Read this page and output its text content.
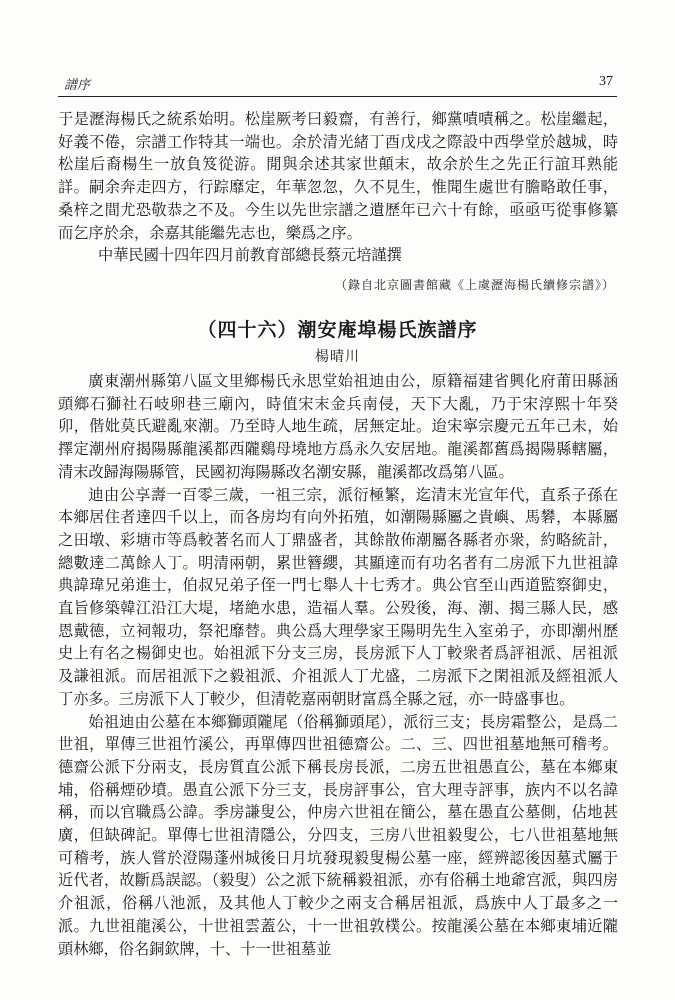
譜序	37

于是瀝海楊氏之統系始明。松崖厥考曰毅齋，有善行，鄉黨嘖嘖稱之。松崖繼起，好義不倦，宗譜工作特其一端也。余於清光緒丁酉戊戌之際設中西學堂於越城，時松崖后裔楊生一放負笈從游。閒與余述其家世顛末，故余於生之先正行誼耳熟能詳。嗣余奔走四方，行踪靡定，年華忽忽，久不見生，惟聞生處世有膽略敢任事，桑梓之間尤恐敬恭之不及。今生以先世宗譜之遺歷年已六十有餘，亟亟丐從事修纂而乞序於余，余嘉其能繼先志也，樂爲之序。

中華民國十四年四月前教育部總長蔡元培謹撰

（錄自北京圖書館藏《上虞瀝海楊氏續修宗譜》）
（四十六）潮安庵埠楊氏族譜序
楊晴川

廣東潮州縣第八區文里鄉楊氏永思堂始祖迪由公，原籍福建省興化府莆田縣涵頭鄉石獅社石岐卵巷三廟內，時值宋末金兵南侵，天下大亂，乃于宋淳熙十年癸卯，偕妣莫氏避亂來潮。乃至時人地生疏，居無定址。迨宋寧宗慶元五年己未，始擇定潮州府揭陽縣龍溪都西隴鷄母墝地方爲永久安居地。龍溪都舊爲揭陽縣轄屬，清末改歸海陽縣管，民國初海陽縣改名潮安縣，龍溪都改爲第八區。

迪由公享壽一百零三歲，一祖三宗，派衍極繁，迄清末光宣年代，直系子孫在本鄉居住者達四千以上，而各房均有向外拓殖，如潮陽縣屬之貴嶼、馬礬，本縣屬之田墩、彩塘市等爲較著名而人丁鼎盛者，其餘散佈潮屬各縣者亦衆，約略統計，總數達二萬餘人丁。明清兩朝，累世簪纓，其顯達而有功名者有二房派下九世祖諱典諱瑋兄弟進士，伯叔兄弟子侄一門七舉人十七秀才。典公官至山西道監察御史，直旨修築韓江沿江大堤，堵絶水患，造福人羣。公殁後，海、潮、揭三縣人民，感恩戴德，立祠報功，祭祀靡替。典公爲大理學家王陽明先生入室弟子，亦即潮州歷史上有名之楊御史也。始祖派下分支三房，長房派下人丁較衆者爲評祖派、居祖派及謙祖派。而居祖派下之毅祖派、介祖派人丁尤盛，二房派下之閑祖派及經祖派人丁亦多。三房派下人丁較少，但清乾嘉兩朝財富爲全縣之冠，亦一時盛事也。

始祖迪由公墓在本鄉獅頭隴尾（俗稱獅頭尾），派衍三支；長房霜整公，是爲二世祖，單傳三世祖竹溪公，再單傳四世祖德齋公。二、三、四世祖墓地無可稽考。德齋公派下分兩支，長房質直公派下稱長房長派，二房五世祖愚直公，墓在本鄉東埔，俗稱煙砂墳。愚直公派下分三支，長房評事公，官大理寺評事，族内不以名諱稱，而以官職爲公諱。季房謙叟公，仲房六世祖在簡公，墓在愚直公墓側，佔地甚廣，但缺碑記。單傳七世祖清隱公，分四支，三房八世祖毅叟公，七八世祖墓地無可稽考，族人嘗於澄陽蓬州城後日月坑發現毅叟楊公墓一座，經辨認後因墓式屬于近代者，故斷爲誤認。（毅叟）公之派下統稱毅祖派，亦有俗稱土地爺宫派，與四房介祖派，俗稱八池派，及其他人丁較少之兩支合稱居祖派，爲族中人丁最多之一派。九世祖龍溪公，十世祖雲蓋公，十一世祖敦樸公。按龍溪公墓在本鄉東埔近隴頭林鄉，俗名銅欽牌，十、十一世祖墓並
